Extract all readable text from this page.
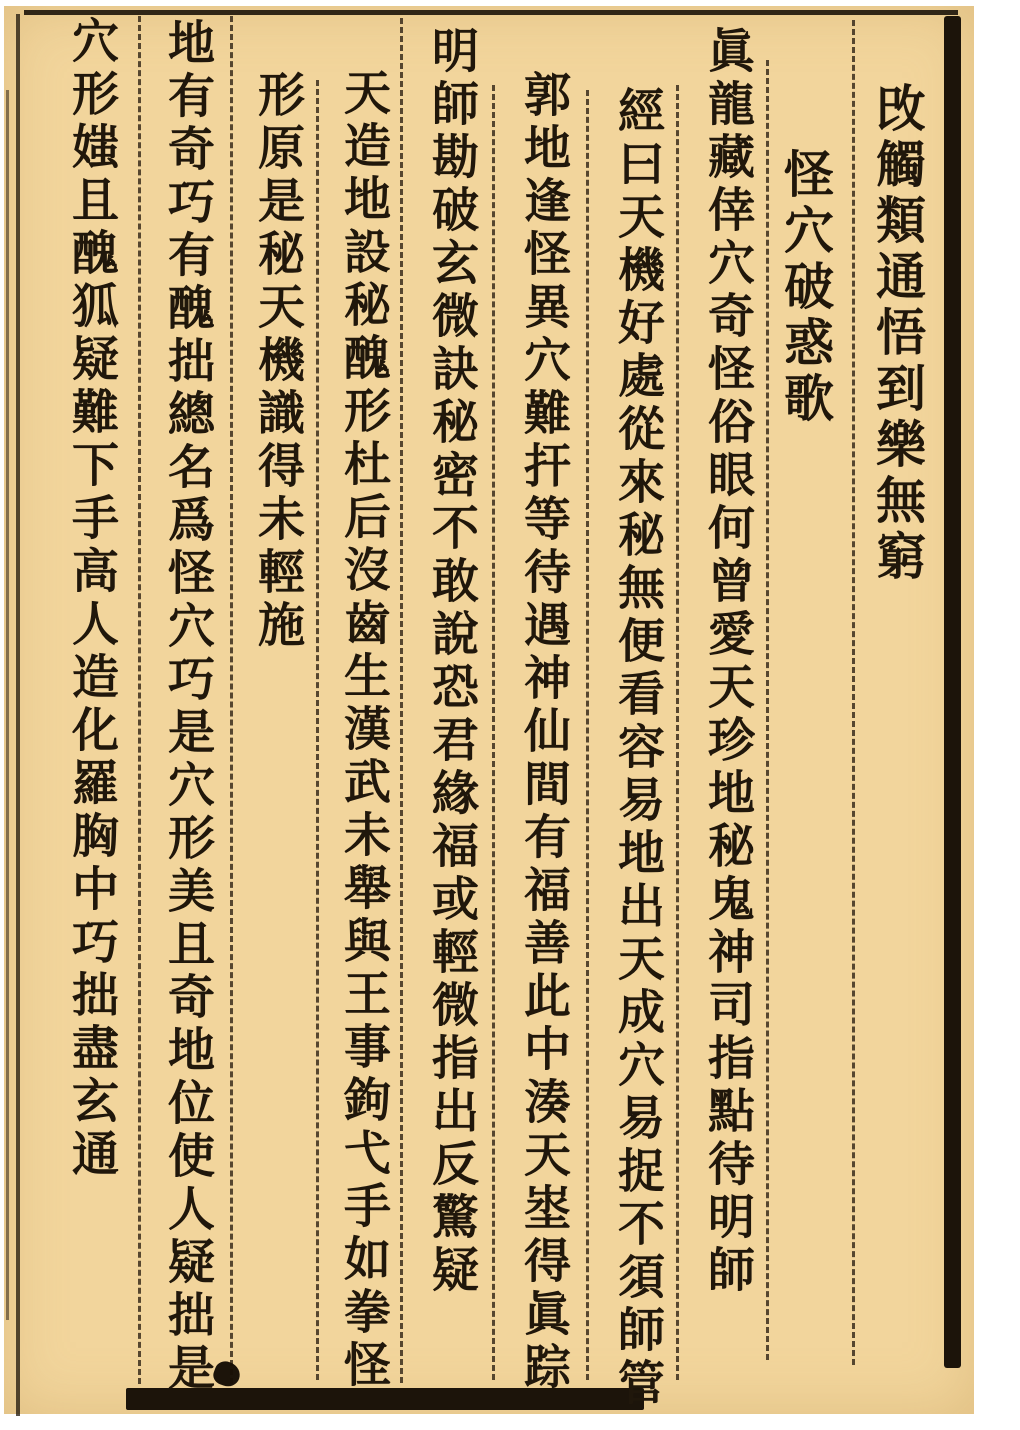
攺觸類通悟到樂無窮
怪穴破惑歌
眞龍藏倖穴奇怪俗眼何曾愛天珍地秘鬼神司指點待明師
經曰天機好處從來秘無便看容易地出天成穴易捉不須師管
郭地逢怪異穴難扞等待遇神仙間有福善此中湊天埊得眞踪
明師勘破玄微訣秘密不敢說恐君緣福或輕微指出反驚疑
天造地設秘醜形杜后沒齒生漢武未舉與王事鉤弋手如拳怪
形原是秘天機識得未輕施
地有奇巧有醜拙總名爲怪穴巧是穴形美且奇地位使人疑拙是
穴形媸且醜狐疑難下手高人造化羅胸中巧拙盡玄通
